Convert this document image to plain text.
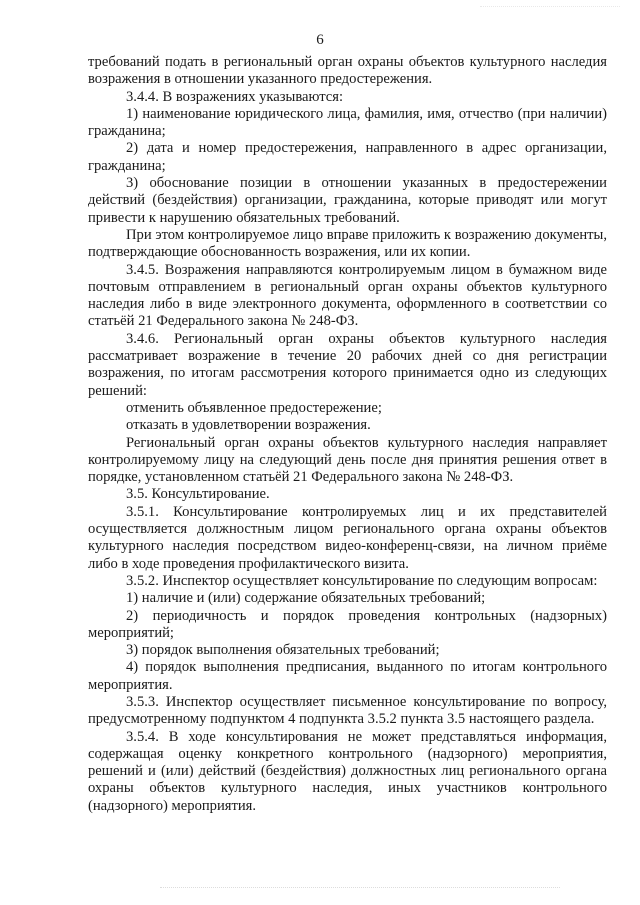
6

требований подать в региональный орган охраны объектов культурного наследия возражения в отношении указанного предостережения.

3.4.4. В возражениях указываются:

1) наименование юридического лица, фамилия, имя, отчество (при наличии) гражданина;

2) дата и номер предостережения, направленного в адрес организации, гражданина;

3) обоснование позиции в отношении указанных в предостережении действий (бездействия) организации, гражданина, которые приводят или могут привести к нарушению обязательных требований.

При этом контролируемое лицо вправе приложить к возражению документы, подтверждающие обоснованность возражения, или их копии.

3.4.5. Возражения направляются контролируемым лицом в бумажном виде почтовым отправлением в региональный орган охраны объектов культурного наследия либо в виде электронного документа, оформленного в соответствии со статьёй 21 Федерального закона № 248-ФЗ.

3.4.6. Региональный орган охраны объектов культурного наследия рассматривает возражение в течение 20 рабочих дней со дня регистрации возражения, по итогам рассмотрения которого принимается одно из следующих решений:

отменить объявленное предостережение;

отказать в удовлетворении возражения.

Региональный орган охраны объектов культурного наследия направляет контролируемому лицу на следующий день после дня принятия решения ответ в порядке, установленном статьёй 21 Федерального закона № 248-ФЗ.

3.5. Консультирование.

3.5.1. Консультирование контролируемых лиц и их представителей осуществляется должностным лицом регионального органа охраны объектов культурного наследия посредством видео-конференц-связи, на личном приёме либо в ходе проведения профилактического визита.

3.5.2. Инспектор осуществляет консультирование по следующим вопросам:

1) наличие и (или) содержание обязательных требований;

2) периодичность и порядок проведения контрольных (надзорных) мероприятий;

3) порядок выполнения обязательных требований;

4) порядок выполнения предписания, выданного по итогам контрольного мероприятия.

3.5.3. Инспектор осуществляет письменное консультирование по вопросу, предусмотренному подпунктом 4 подпункта 3.5.2 пункта 3.5 настоящего раздела.

3.5.4. В ходе консультирования не может представляться информация, содержащая оценку конкретного контрольного (надзорного) мероприятия, решений и (или) действий (бездействия) должностных лиц регионального органа охраны объектов культурного наследия, иных участников контрольного (надзорного) мероприятия.
